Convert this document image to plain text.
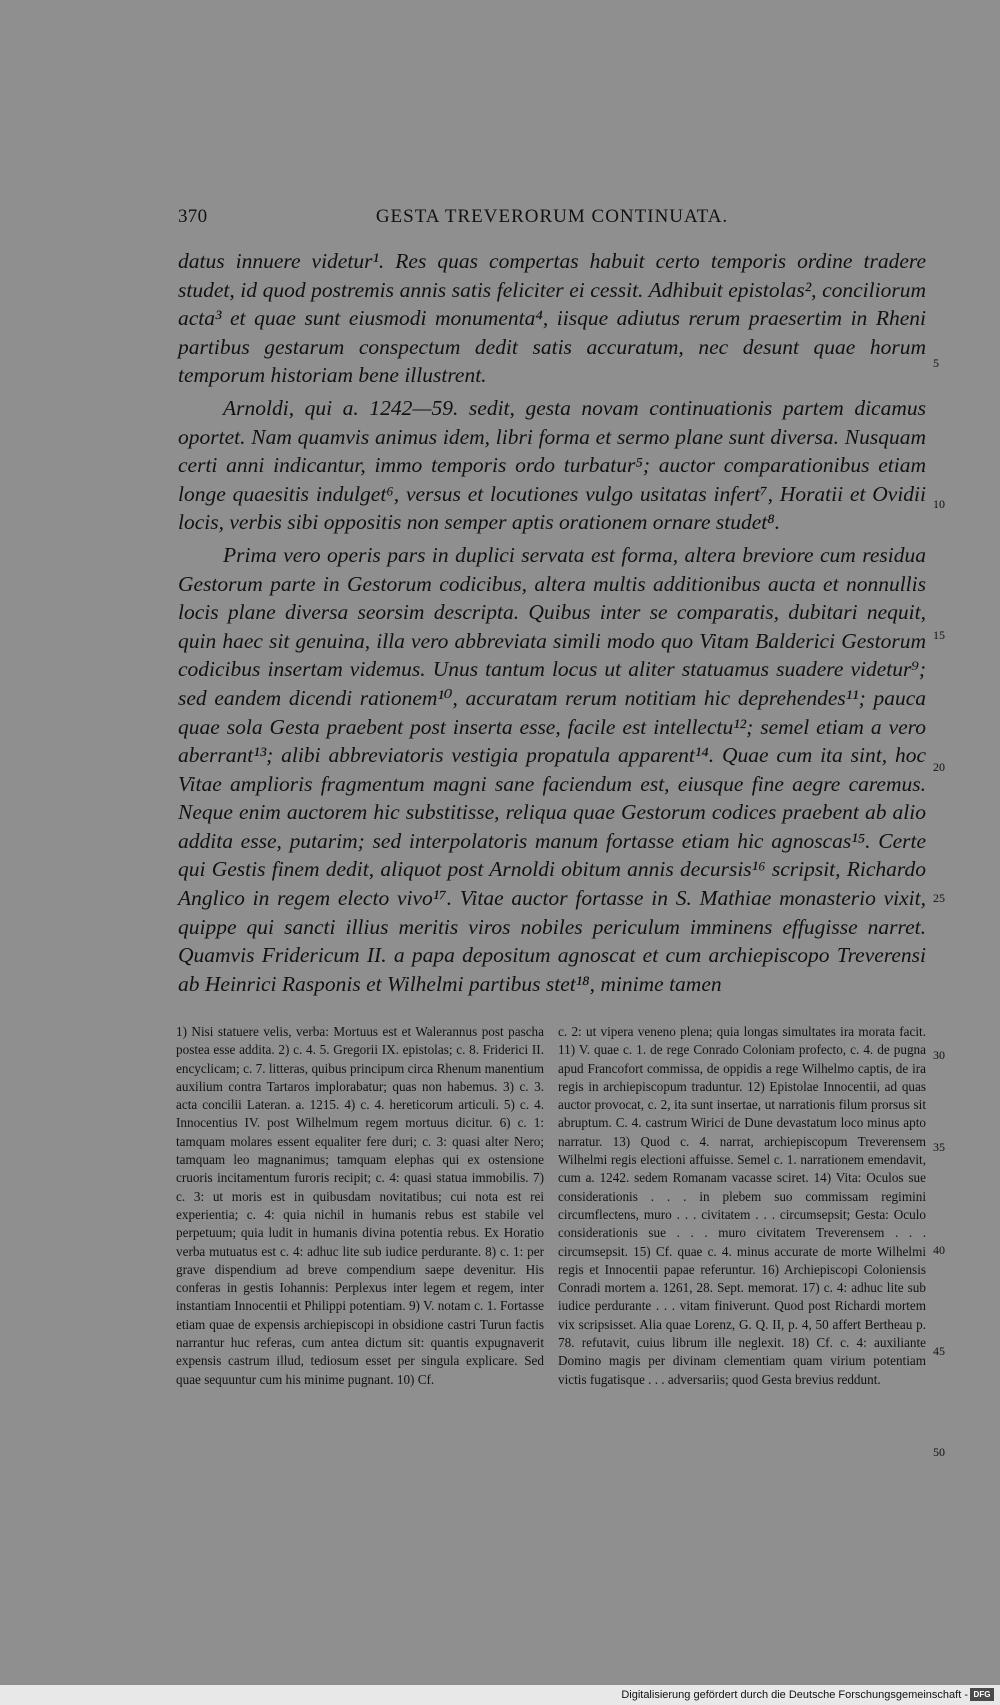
370	GESTA TREVERORUM CONTINUATA.

datus innuere videtur¹. Res quas compertas habuit certo temporis ordine tradere studet, id quod postremis annis satis feliciter ei cessit. Adhibuit epistolas², conciliorum acta³ et quae sunt eiusmodi monumenta⁴, iisque adiutus rerum praesertim in Rheni partibus gestarum conspectum dedit satis accuratum, nec desunt quae horum temporum historiam bene illustrent.

Arnoldi, qui a. 1242—59. sedit, gesta novam continuationis partem dicamus oportet. Nam quamvis animus idem, libri forma et sermo plane sunt diversa. Nusquam certi anni indicantur, immo temporis ordo turbatur⁵; auctor comparationibus etiam longe quaesitis indulget⁶, versus et locutiones vulgo usitatas infert⁷, Horatii et Ovidii locis, verbis sibi oppositis non semper aptis orationem ornare studet⁸.

Prima vero operis pars in duplici servata est forma, altera breviore cum residua Gestorum parte in Gestorum codicibus, altera multis additionibus aucta et nonnullis locis plane diversa seorsim descripta. Quibus inter se comparatis, dubitari nequit, quin haec sit genuina, illa vero abbreviata simili modo quo Vitam Balderici Gestorum codicibus insertam videmus. Unus tantum locus ut aliter statuamus suadere videtur⁹; sed eandem dicendi rationem¹⁰, accuratam rerum notitiam hic deprehendes¹¹; pauca quae sola Gesta praebent post inserta esse, facile est intellectu¹²; semel etiam a vero aberrant¹³; alibi abbreviatoris vestigia propatula apparent¹⁴. Quae cum ita sint, hoc Vitae amplioris fragmentum magni sane faciendum est, eiusque fine aegre caremus. Neque enim auctorem hic substitisse, reliqua quae Gestorum codices praebent ab alio addita esse, putarim; sed interpolatoris manum fortasse etiam hic agnoscas¹⁵. Certe qui Gestis finem dedit, aliquot post Arnoldi obitum annis decursis¹⁶ scripsit, Richardo Anglico in regem electo vivo¹⁷. Vitae auctor fortasse in S. Mathiae monasterio vixit, quippe qui sancti illius meritis viros nobiles periculum imminens effugisse narret. Quamvis Fridericum II. a papa depositum agnoscat et cum archiepiscopo Treverensi ab Heinrici Rasponis et Wilhelmi partibus stet¹⁸, minime tamen

5
10
15
20
25
1) Nisi statuere velis, verba: Mortuus est et Walerannus post pascha postea esse addita. 2) c. 4. 5. Gregorii IX. epistolas; c. 8. Friderici II. encyclicam; c. 7. litteras, quibus principum circa Rhenum manentium auxilium contra Tartaros implorabatur; quas non habemus. 3) c. 3. acta concilii Lateran. a. 1215. 4) c. 4. hereticorum articuli. 5) c. 4. Innocentius IV. post Wilhelmum regem mortuus dicitur. 6) c. 1: tamquam molares essent equaliter fere duri; c. 3: quasi alter Nero; tamquam leo magnanimus; tamquam elephas qui ex ostensione cruoris incitamentum furoris recipit; c. 4: quasi statua immobilis. 7) c. 3: ut moris est in quibusdam novitatibus; cui nota est rei experientia; c. 4: quia nichil in humanis rebus est stabile vel perpetuum; quia ludit in humanis divina potentia rebus. Ex Horatio verba mutuatus est c. 4: adhuc lite sub iudice perdurante. 8) c. 1: per grave dispendium ad breve compendium saepe devenitur. His conferas in gestis Iohannis: Perplexus inter legem et regem, inter instantiam Innocentii et Philippi potentiam. 9) V. notam c. 1. Fortasse etiam quae de expensis archiepiscopi in obsidione castri Turun factis narrantur huc referas, cum antea dictum sit: quantis expugnaverit expensis castrum illud, tediosum esset per singula explicare. Sed quae sequuntur cum his minime pugnant. 10) Cf.
c. 2: ut vipera veneno plena; quia longas simultates ira morata facit. 11) V. quae c. 1. de rege Conrado Coloniam profecto, c. 4. de pugna apud Francofort commissa, de oppidis a rege Wilhelmo captis, de ira regis in archiepiscopum traduntur. 12) Epistolae Innocentii, ad quas auctor provocat, c. 2, ita sunt insertae, ut narrationis filum prorsus sit abruptum. C. 4. castrum Wirici de Dune devastatum loco minus apto narratur. 13) Quod c. 4. narrat, archiepiscopum Treverensem Wilhelmi regis electioni affuisse. Semel c. 1. narrationem emendavit, cum a. 1242. sedem Romanam vacasse sciret. 14) Vita: Oculos sue considerationis . . . in plebem suo commissam regimini circumflectens, muro . . . civitatem . . . circumsepsit; Gesta: Oculo considerationis sue . . . muro civitatem Treverensem . . . circumsepsit. 15) Cf. quae c. 4. minus accurate de morte Wilhelmi regis et Innocentii papae referuntur. 16) Archiepiscopi Coloniensis Conradi mortem a. 1261, 28. Sept. memorat. 17) c. 4: adhuc lite sub iudice perdurante . . . vitam finiverunt. Quod post Richardi mortem vix scripsisset. Alia quae Lorenz, G. Q. II, p. 4, 50 affert Bertheau p. 78. refutavit, cuius librum ille neglexit. 18) Cf. c. 4: auxiliante Domino magis per divinam clementiam quam virium potentiam victis fugatisque . . . adversariis; quod Gesta brevius reddunt.
30
35
40
45
50
Digitalisierung gefördert durch die Deutsche Forschungsgemeinschaft - DFG
